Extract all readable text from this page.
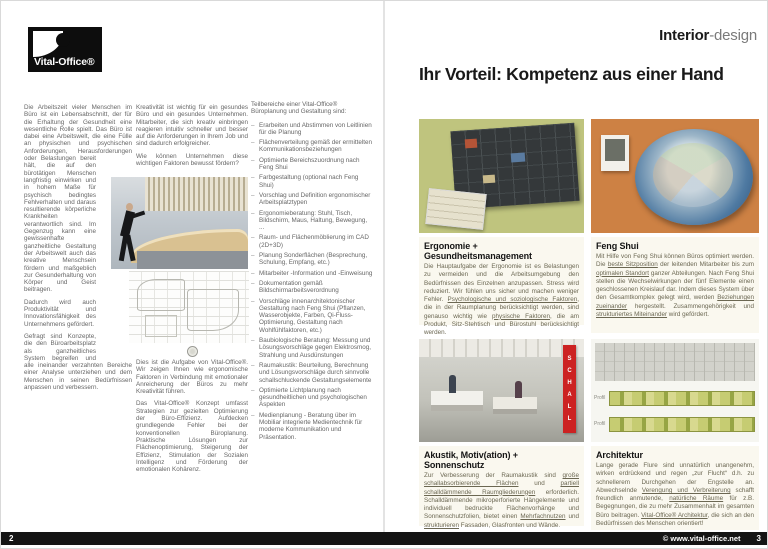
Vital-Office®

Die Arbeitszeit vieler Menschen im Büro ist ein Lebensabschnitt, der für die Erhaltung der Gesundheit eine wesentliche Rolle spielt. Das Büro ist dabei eine Arbeitswelt, die eine Fülle an physischen und psychischen Anforderungen, Herausforderungen oder Belastungen bereit hält, die auf den bürotätigen Menschen langfristig einwirken und in hohem Maße für psychisch bedingtes Fehlverhalten und daraus resultierende körperliche Krankheiten verantwortlich sind. Im Gegenzug kann eine gewissenhafte ganzheitliche Gestaltung der Arbeitswelt auch das kreative Menschsein fördern und maßgeblich zur Gesunderhaltung von Körper und Geist beitragen.

Dadurch wird auch Produktivität und Innovationsfähigkeit des Unternehmens gefördert.

Gefragt sind Konzepte, die den Büroarbeitsplatz als ganzheitliches System begreifen und alle ineinander verzahnten Bereiche einer Analyse unterziehen und dem Menschen in seinen Bedürfnissen anpassen und verbessern.

Kreativität ist wichtig für ein gesundes Büro und ein gesundes Unternehmen. Mitarbeiter, die sich kreativ einbringen reagieren intuitiv schneller und besser auf die Anforderungen in Ihrem Job und sind dadurch erfolgreicher.

Wie können Unternehmen diese wichtigen Faktoren bewusst fördern?

Dies ist die Aufgabe von Vital-Office®. Wir zeigen Ihnen wie ergonomische Faktoren in Verbindung mit emotionaler Anreicherung der Büros zu mehr Kreativität führen.

Das Vital-Office® Konzept umfasst Strategien zur gezielten Optimierung der Büro-Effizienz. Aufdecken grundlegende Fehler bei der konventionellen Büroplanung. Praktische Lösungen zur Flächenoptimierung, Steigerung der Effizienz, Stimulation der Sozialen Intelligenz und Förderung der emotionalen Kohärenz.

Teilbereiche einer Vital-Office® Büroplanung und Gestaltung sind:

– Erarbeiten und Abstimmen von Leitlinien für die Planung
– Flächenverteilung gemäß der ermittelten Kommunikationsbeziehungen
– Optimierte Bereichszuordnung nach Feng Shui
– Farbgestaltung (optional nach Feng Shui)
– Vorschlag und Definition ergonomischer Arbeitsplatztypen
– Ergonomieberatung: Stuhl, Tisch, Bildschirm, Maus, Haltung, Bewegung, ...
– Raum- und Flächenmöblierung im CAD (2D+3D)
– Planung Sonderflächen (Besprechung, Schulung, Empfang, etc.)
– Mitarbeiter -Information und -Einweisung
– Dokumentation gemäß Bildschirmarbeitsverordnung
– Vorschläge innenarchitektonischer Gestaltung nach Feng Shui (Pflanzen, Wasserobjekte, Farben, Qi-Fluss-Optimierung, Gestaltung nach Wohlfühlfaktoren, etc.)
– Baubiologische Beratung: Messung und Lösungsvorschläge gegen Elektrosmog, Strahlung und Ausdünstungen
– Raumakustik: Beurteilung, Berechnung und Lösungsvorschläge durch sinnvolle schallschluckende Gestaltungselemente
– Optimierte Lichtplanung nach gesundheitlichen und psychologischen Aspekten
– Medienplanung - Beratung über im Mobiliar integrierte Medientechnik für moderne Kommunikation und Präsentation.
Interior-design
Ihr Vorteil: Kompetenz aus einer Hand
Ergonomie + Gesundheitsmanagement

Die Hauptaufgabe der Ergonomie ist es Belastungen zu vermeiden und die Arbeitsumgebung den Bedürfnissen des Einzelnen anzupassen. Stress wird reduziert. Wir fühlen uns sicher und machen weniger Fehler. Psychologische und soziologische Faktoren, die in der Raumplanung berücksichtigt werden, sind genauso wichtig wie physische Faktoren, die am Produkt, Sitz-Stehtisch und Bürostuhl berücksichtigt werden.

Feng Shui

Mit Hilfe von Feng Shui können Büros optimiert werden. Die beste Sitzposition der leitenden Mitarbeiter bis zum optimalen Standort ganzer Abteilungen. Nach Feng Shui stellen die Wechselwirkungen der fünf Elemente einen geschlossenen Kreislauf dar. Indem dieses System über den Gesamtkomplex gelegt wird, werden Beziehungen zueinander hergestellt. Zusammengehörigkeit und strukturiertes Miteinander wird gefördert.

SCHALL
Akustik, Motiv(ation) + Sonnenschutz

Zur Verbesserung der Raumakustik sind große schallabsorbierende Flächen und partiell schalldämmende Raumgliederungen erforderlich. Schalldämmende mikroperforierte Hängelemente und individuell bedruckte Flächenvorhänge und Sonnenschutzfolien, bietet einen Mehrfachnutzen und strukturieren Fassaden, Glasfronten und Wände.

Profil
Profil
Architektur

Lange gerade Flure sind unnatürlich unangenehm, wirken erdrückend und regen „zur Flucht“ d.h. zu schnellerem Durchgehen der Engstelle an. Abwechselnde Verengung und Verbreiterung schafft freundlich anmutende, natürliche Räume für z.B. Begegnungen, die zu mehr Zusammenhalt im gesamten Büro beitragen. Vital-Office® Architektur, die sich an den Bedürfnissen des Menschen orientiert!

2	© www.vital-office.net 3
